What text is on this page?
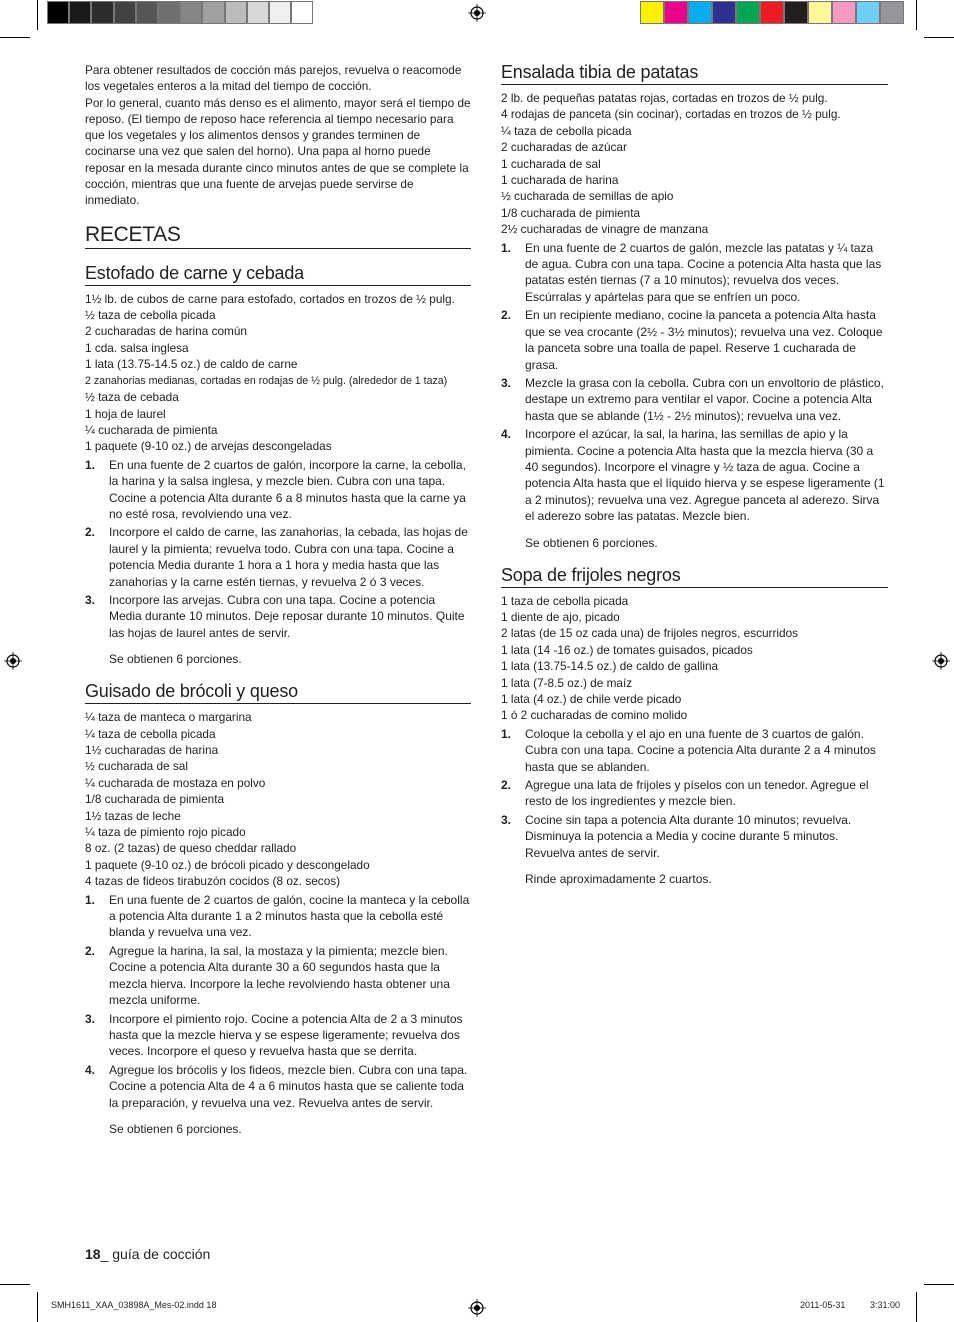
Para obtener resultados de cocción más parejos, revuelva o reacomode los vegetales enteros a la mitad del tiempo de cocción.

Por lo general, cuanto más denso es el alimento, mayor será el tiempo de reposo. (El tiempo de reposo hace referencia al tiempo necesario para que los vegetales y los alimentos densos y grandes terminen de cocinarse una vez que salen del horno). Una papa al horno puede reposar en la mesada durante cinco minutos antes de que se complete la cocción, mientras que una fuente de arvejas puede servirse de inmediato.

RECETAS
Estofado de carne y cebada
1½ lb. de cubos de carne para estofado, cortados en trozos de ½ pulg.
½ taza de cebolla picada
2 cucharadas de harina común
1 cda. salsa inglesa
1 lata (13.75-14.5 oz.) de caldo de carne
2 zanahorias medianas, cortadas en rodajas de ½ pulg. (alrededor de 1 taza)
½ taza de cebada
1 hoja de laurel
¼ cucharada de pimienta
1 paquete (9-10 oz.) de arvejas descongeladas
1. En una fuente de 2 cuartos de galón, incorpore la carne, la cebolla, la harina y la salsa inglesa, y mezcle bien. Cubra con una tapa. Cocine a potencia Alta durante 6 a 8 minutos hasta que la carne ya no esté rosa, revolviendo una vez.
2. Incorpore el caldo de carne, las zanahorias, la cebada, las hojas de laurel y la pimienta; revuelva todo. Cubra con una tapa. Cocine a potencia Media durante 1 hora a 1 hora y media hasta que las zanahorias y la carne estén tiernas, y revuelva 2 ó 3 veces.
3. Incorpore las arvejas. Cubra con una tapa. Cocine a potencia Media durante 10 minutos. Deje reposar durante 10 minutos. Quite las hojas de laurel antes de servir.
Se obtienen 6 porciones.
Guisado de brócoli y queso
¼ taza de manteca o margarina
¼ taza de cebolla picada
1½ cucharadas de harina
½ cucharada de sal
¼ cucharada de mostaza en polvo
1/8 cucharada de pimienta
1½ tazas de leche
¼ taza de pimiento rojo picado
8 oz. (2 tazas) de queso cheddar rallado
1 paquete (9-10 oz.) de brócoli picado y descongelado
4 tazas de fideos tirabuzón cocidos (8 oz. secos)
1. En una fuente de 2 cuartos de galón, cocine la manteca y la cebolla a potencia Alta durante 1 a 2 minutos hasta que la cebolla esté blanda y revuelva una vez.
2. Agregue la harina, la sal, la mostaza y la pimienta; mezcle bien. Cocine a potencia Alta durante 30 a 60 segundos hasta que la mezcla hierva. Incorpore la leche revolviendo hasta obtener una mezcla uniforme.
3. Incorpore el pimiento rojo. Cocine a potencia Alta de 2 a 3 minutos hasta que la mezcle hierva y se espese ligeramente; revuelva dos veces. Incorpore el queso y revuelva hasta que se derrita.
4. Agregue los brócolis y los fideos, mezcle bien. Cubra con una tapa. Cocine a potencia Alta de 4 a 6 minutos hasta que se caliente toda la preparación, y revuelva una vez. Revuelva antes de servir.
Se obtienen 6 porciones.
Ensalada tibia de patatas
2 lb. de pequeñas patatas rojas, cortadas en trozos de ½ pulg.
4 rodajas de panceta (sin cocinar), cortadas en trozos de ½ pulg.
¼ taza de cebolla picada
2 cucharadas de azúcar
1 cucharada de sal
1 cucharada de harina
½ cucharada de semillas de apio
1/8 cucharada de pimienta
2½ cucharadas de vinagre de manzana
1. En una fuente de 2 cuartos de galón, mezcle las patatas y ¼ taza de agua. Cubra con una tapa. Cocine a potencia Alta hasta que las patatas estén tiernas (7 a 10 minutos); revuelva dos veces. Escúrralas y apártelas para que se enfríen un poco.
2. En un recipiente mediano, cocine la panceta a potencia Alta hasta que se vea crocante (2½ - 3½ minutos); revuelva una vez. Coloque la panceta sobre una toalla de papel. Reserve 1 cucharada de grasa.
3. Mezcle la grasa con la cebolla. Cubra con un envoltorio de plástico, destape un extremo para ventilar el vapor. Cocine a potencia Alta hasta que se ablande (1½ - 2½ minutos); revuelva una vez.
4. Incorpore el azúcar, la sal, la harina, las semillas de apio y la pimienta. Cocine a potencia Alta hasta que la mezcla hierva (30 a 40 segundos). Incorpore el vinagre y ½ taza de agua. Cocine a potencia Alta hasta que el líquido hierva y se espese ligeramente (1 a 2 minutos); revuelva una vez. Agregue panceta al aderezo. Sirva el aderezo sobre las patatas. Mezcle bien.
Se obtienen 6 porciones.
Sopa de frijoles negros
1 taza de cebolla picada
1 diente de ajo, picado
2 latas (de 15 oz cada una) de frijoles negros, escurridos
1 lata (14 -16 oz.) de tomates guisados, picados
1 lata (13.75-14.5 oz.) de caldo de gallina
1 lata (7-8.5 oz.) de maíz
1 lata (4 oz.) de chile verde picado
1 ó 2 cucharadas de comino molido
1. Coloque la cebolla y el ajo en una fuente de 3 cuartos de galón. Cubra con una tapa. Cocine a potencia Alta durante 2 a 4 minutos hasta que se ablanden.
2. Agregue una lata de frijoles y píselos con un tenedor. Agregue el resto de los ingredientes y mezcle bien.
3. Cocine sin tapa a potencia Alta durante 10 minutos; revuelva. Disminuya la potencia a Media y cocine durante 5 minutos. Revuelva antes de servir.
Rinde aproximadamente 2 cuartos.
18_ guía de cocción
SMH1611_XAA_03898A_Mes-02.indd 18	2011-05-31	3:31:00
